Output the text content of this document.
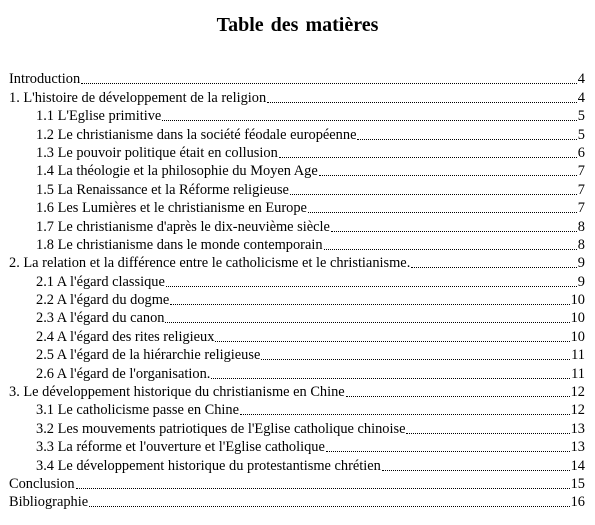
Table des matières
Introduction	4
1. L'histoire de développement de la religion	4
1.1 L'Eglise primitive	5
1.2 Le christianisme dans la société féodale européenne	5
1.3 Le pouvoir politique était en collusion	6
1.4 La théologie et la philosophie du Moyen Age	7
1.5 La Renaissance et la Réforme religieuse	7
1.6 Les Lumières et le christianisme en Europe	7
1.7 Le christianisme d'après le dix-neuvième siècle	8
1.8 Le christianisme dans le monde contemporain	8
2. La relation et la différence entre le catholicisme et le christianisme.	9
2.1 A l'égard classique	9
2.2 A l'égard du dogme	10
2.3 A l'égard du canon	10
2.4 A l'égard des rites religieux	10
2.5 A l'égard de la hiérarchie religieuse	11
2.6 A l'égard de l'organisation.	11
3. Le développement historique du christianisme en Chine	12
3.1 Le catholicisme passe en Chine	12
3.2 Les mouvements patriotiques de l'Eglise catholique chinoise	13
3.3 La réforme et l'ouverture et l'Eglise catholique	13
3.4 Le développement historique du protestantisme chrétien	14
Conclusion	15
Bibliographie	16
